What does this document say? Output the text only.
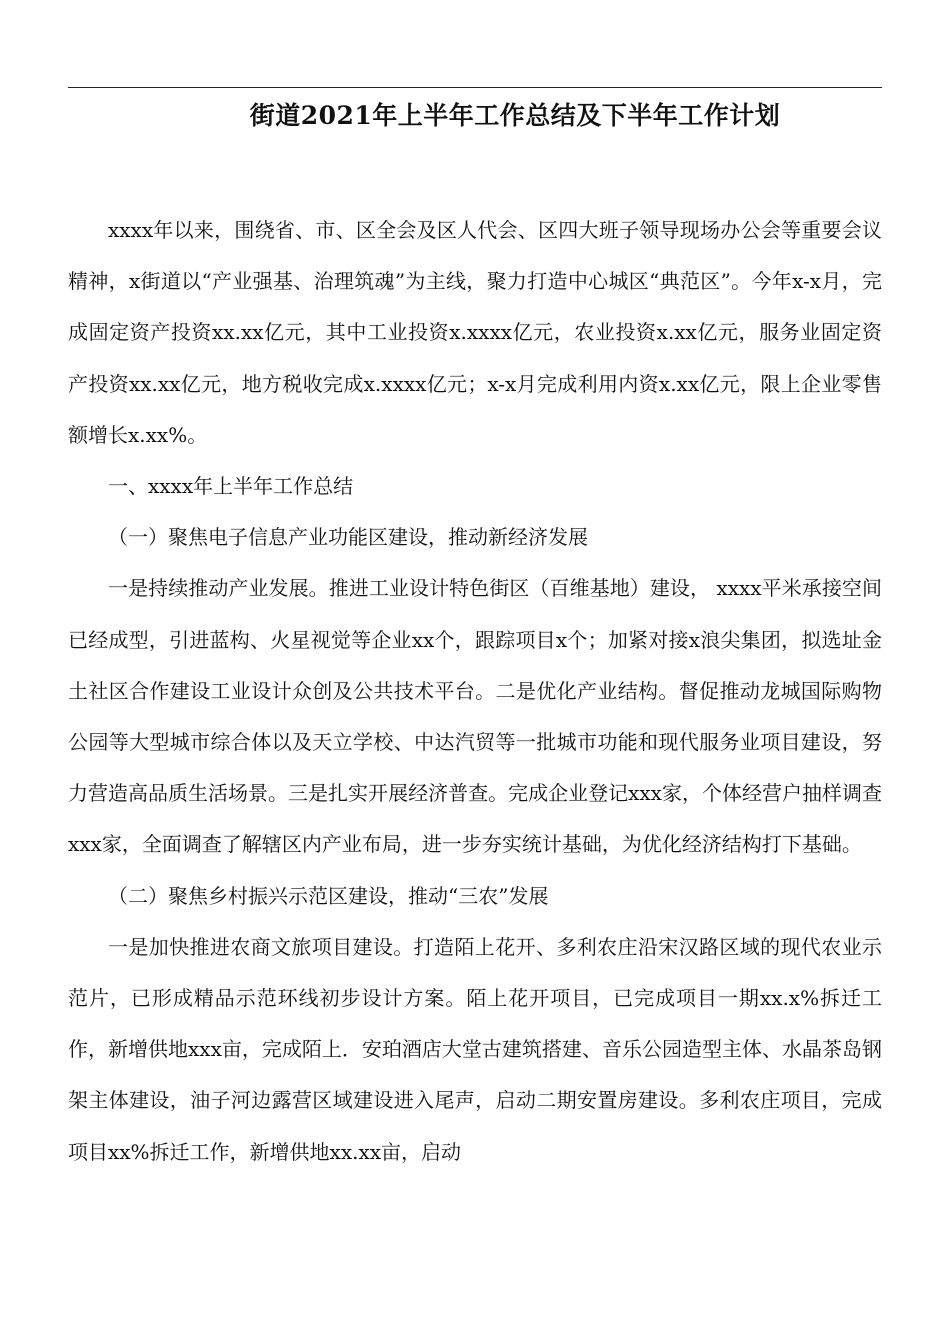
街道2021年上半年工作总结及下半年工作计划

xxxx年以来，围绕省、市、区全会及区人代会、区四大班子领导现场办公会等重要会议精神，x街道以“产业强基、治理筑魂”为主线，聚力打造中心城区“典范区”。今年x-x月，完成固定资产投资xx.xx亿元，其中工业投资x.xxxx亿元，农业投资x.xx亿元，服务业固定资产投资xx.xx亿元，地方税收完成x.xxxx亿元；x-x月完成利用内资x.xx亿元，限上企业零售额增长x.xx%。

一、xxxx年上半年工作总结

（一）聚焦电子信息产业功能区建设，推动新经济发展

一是持续推动产业发展。推进工业设计特色街区（百维基地）建设， xxxx平米承接空间已经成型，引进蓝构、火星视觉等企业xx个，跟踪项目x个；加紧对接x浪尖集团，拟选址金土社区合作建设工业设计众创及公共技术平台。二是优化产业结构。督促推动龙城国际购物公园等大型城市综合体以及天立学校、中达汽贸等一批城市功能和现代服务业项目建设，努力营造高品质生活场景。三是扎实开展经济普查。完成企业登记xxx家，个体经营户抽样调查xxx家，全面调查了解辖区内产业布局，进一步夯实统计基础，为优化经济结构打下基础。

（二）聚焦乡村振兴示范区建设，推动“三农”发展

一是加快推进农商文旅项目建设。打造陌上花开、多利农庄沿宋汉路区域的现代农业示范片，已形成精品示范环线初步设计方案。陌上花开项目，已完成项目一期xx.x%拆迁工作，新增供地xxx亩，完成陌上．安珀酒店大堂古建筑搭建、音乐公园造型主体、水晶茶岛钢架主体建设，油子河边露营区域建设进入尾声，启动二期安置房建设。多利农庄项目，完成项目xx%拆迁工作，新增供地xx.xx亩，启动
